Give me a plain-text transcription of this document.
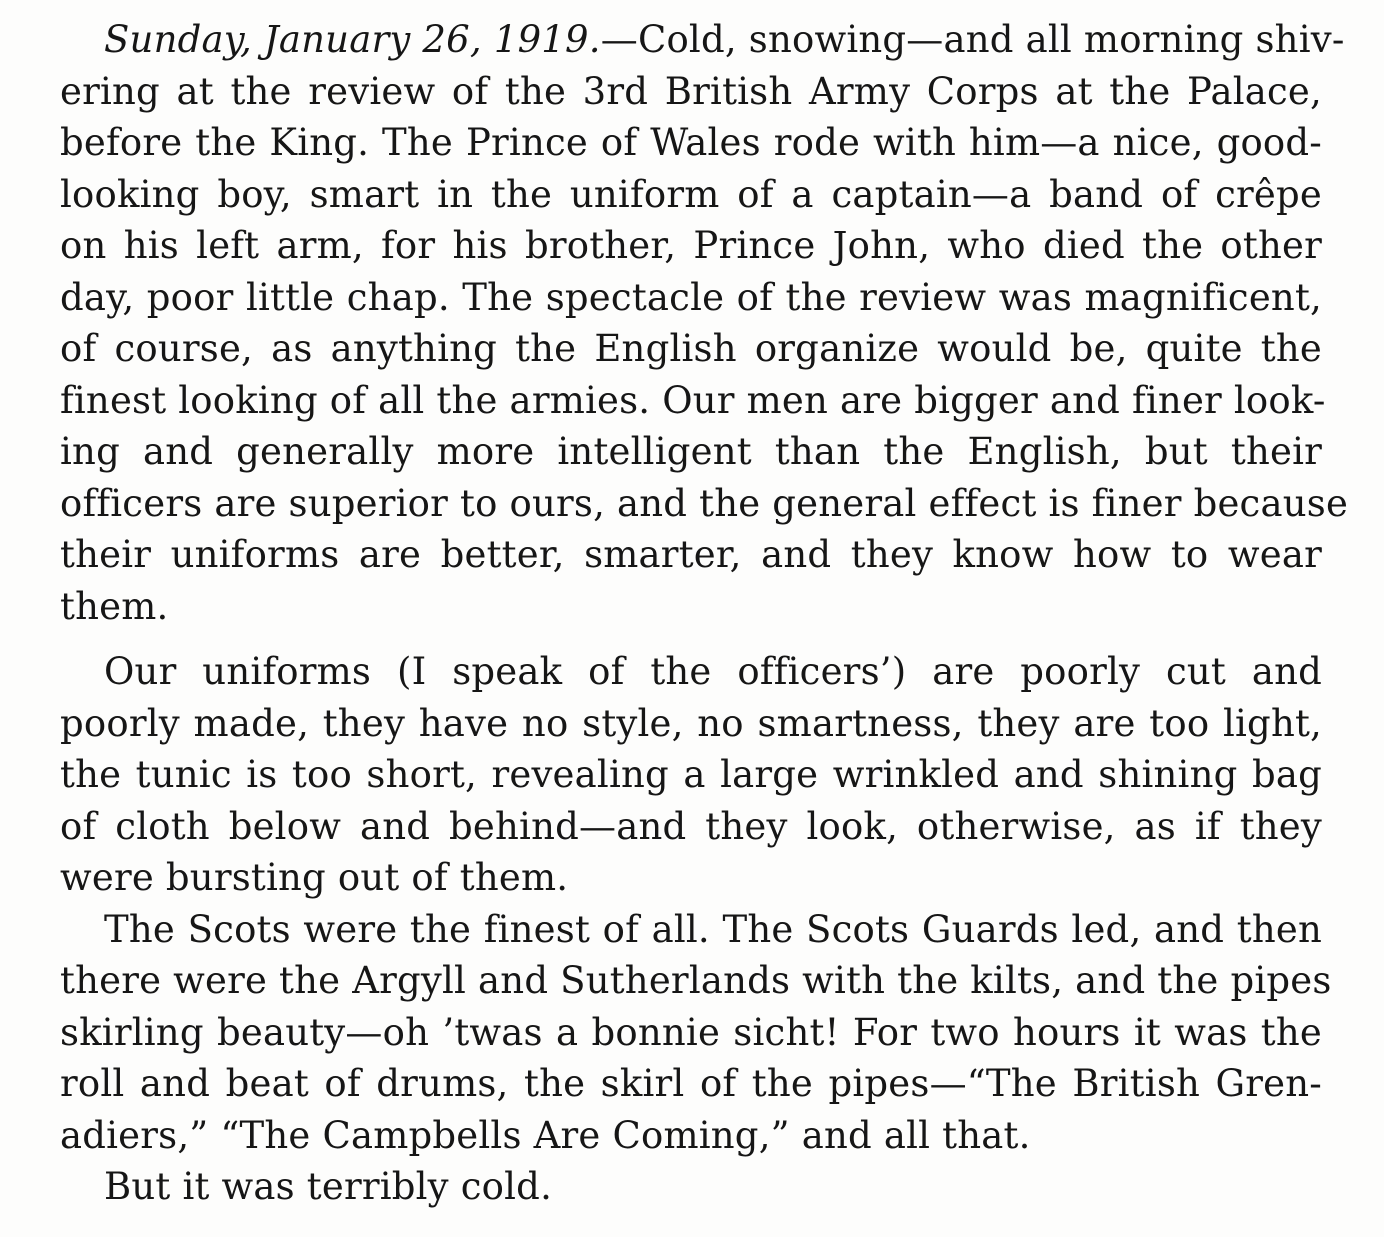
Sunday, January 26, 1919.—Cold, snowing—and all morning shiv-
ering at the review of the 3rd British Army Corps at the Palace,
before the King. The Prince of Wales rode with him—a nice, good-
looking boy, smart in the uniform of a captain—a band of crêpe
on his left arm, for his brother, Prince John, who died the other
day, poor little chap. The spectacle of the review was magnificent,
of course, as anything the English organize would be, quite the
finest looking of all the armies. Our men are bigger and finer look-
ing and generally more intelligent than the English, but their
officers are superior to ours, and the general effect is finer because
their uniforms are better, smarter, and they know how to wear
them.
Our uniforms (I speak of the officers’) are poorly cut and
poorly made, they have no style, no smartness, they are too light,
the tunic is too short, revealing a large wrinkled and shining bag
of cloth below and behind—and they look, otherwise, as if they
were bursting out of them.
The Scots were the finest of all. The Scots Guards led, and then
there were the Argyll and Sutherlands with the kilts, and the pipes
skirling beauty—oh ’twas a bonnie sicht! For two hours it was the
roll and beat of drums, the skirl of the pipes—“The British Gren-
adiers,” “The Campbells Are Coming,” and all that.
But it was terribly cold.
